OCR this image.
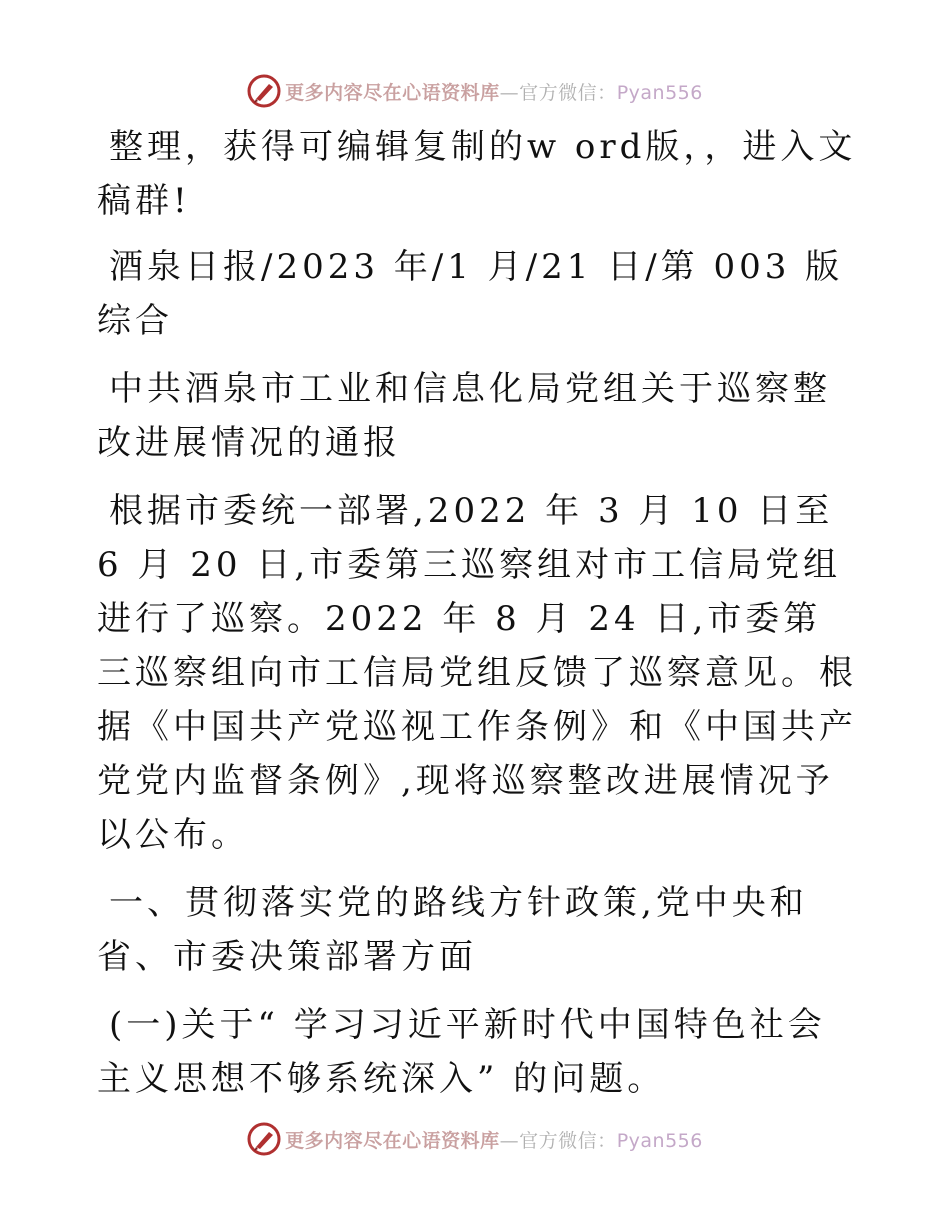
更多内容尽在心语资料库—官方微信：Pyan556

整理，获得可编辑复制的w ord版，，进入文稿群!

酒泉日报/2023 年/1 月/21 日/第 003 版综合

中共酒泉市工业和信息化局党组关于巡察整改进展情况的通报

根据市委统一部署,2022 年 3 月 10 日至 6 月 20 日,市委第三巡察组对市工信局党组进行了巡察。2022 年 8 月 24 日,市委第三巡察组向市工信局党组反馈了巡察意见。根据《中国共产党巡视工作条例》和《中国共产党党内监督条例》,现将巡察整改进展情况予以公布。

一、贯彻落实党的路线方针政策,党中央和省、市委决策部署方面

(一)关于“ 学习习近平新时代中国特色社会主义思想不够系统深入” 的问题。

更多内容尽在心语资料库—官方微信：Pyan556
